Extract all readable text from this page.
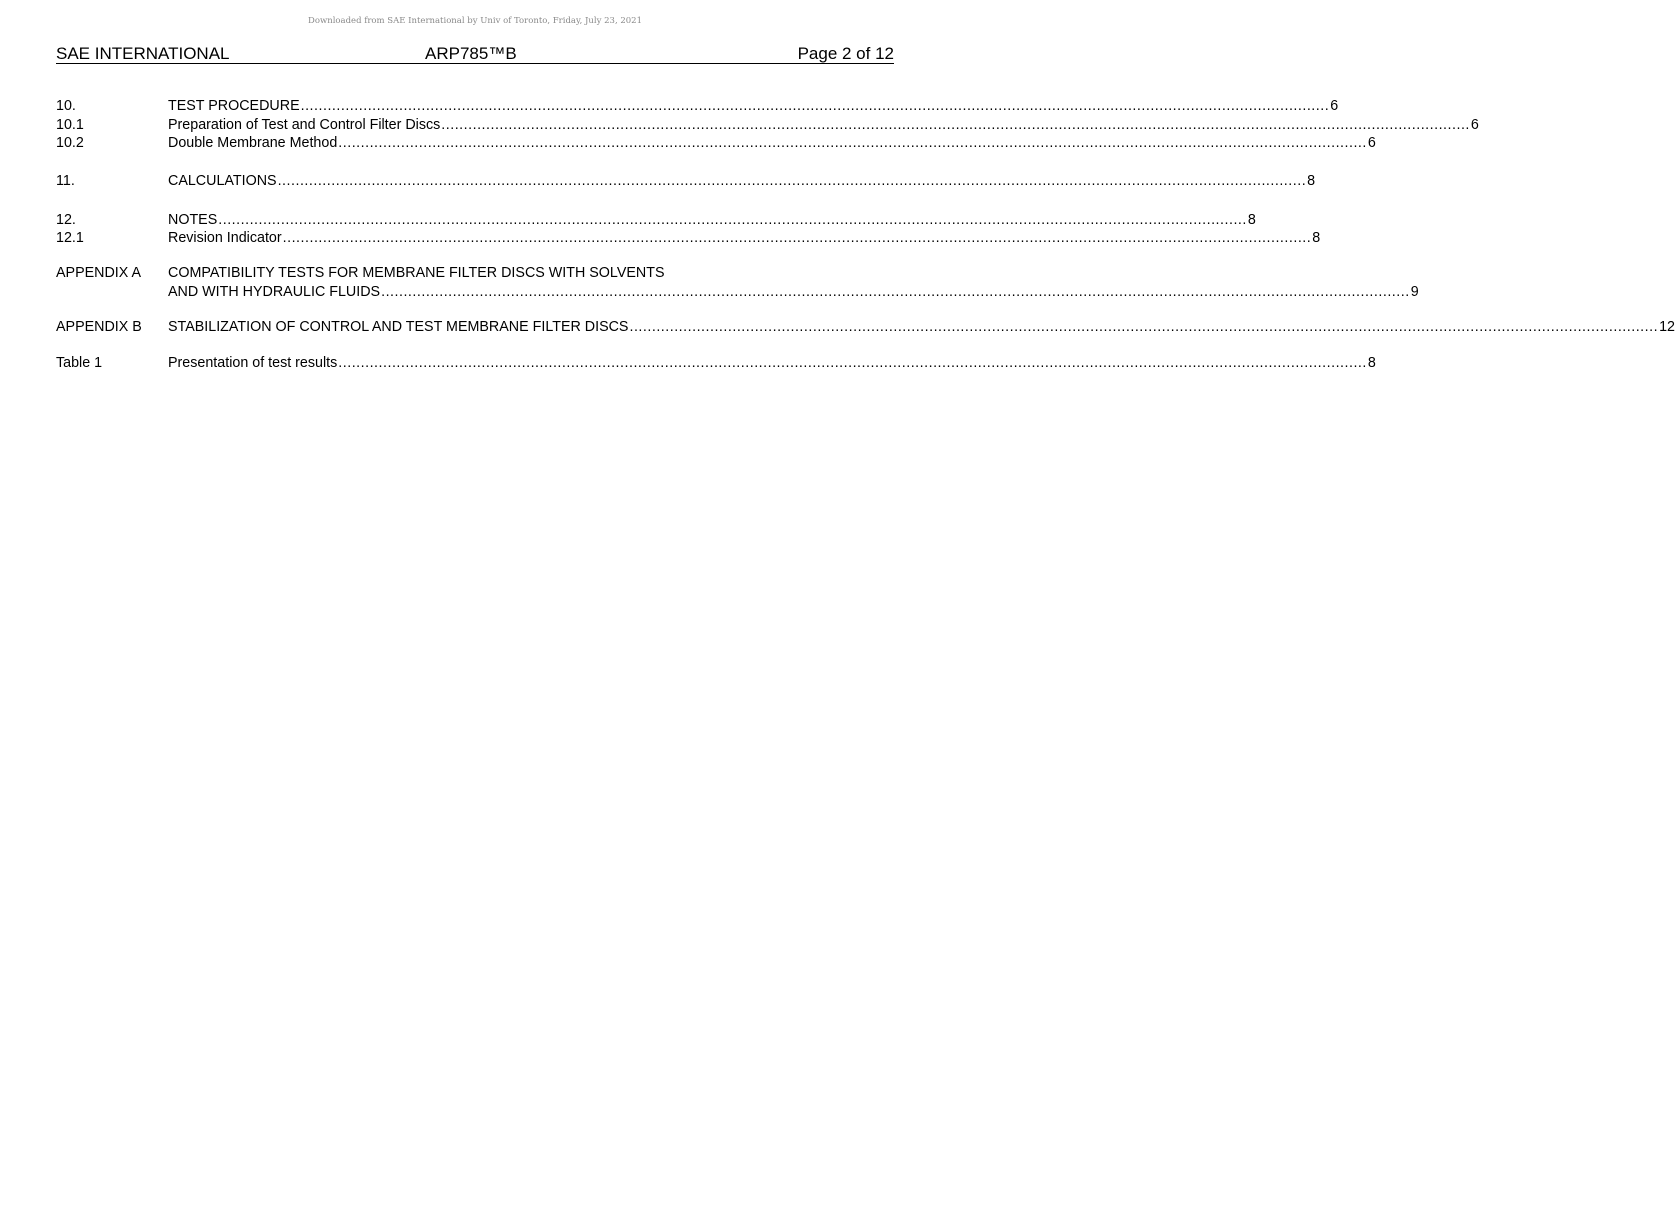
Downloaded from SAE International by Univ of Toronto, Friday, July 23, 2021
SAE INTERNATIONAL	ARP785™B	Page 2 of 12
10.	TEST PROCEDURE ...................................................................................................................................................................................................................................... 6
10.1	Preparation of Test and Control Filter Discs ...................................................................................................................................................................................................................................... 6
10.2	Double Membrane Method ...................................................................................................................................................................................................................................... 6
11.	CALCULATIONS ...................................................................................................................................................................................................................................... 8
12.	NOTES ...................................................................................................................................................................................................................................... 8
12.1	Revision Indicator ...................................................................................................................................................................................................................................... 8
APPENDIX A COMPATIBILITY TESTS FOR MEMBRANE FILTER DISCS WITH SOLVENTS
AND WITH HYDRAULIC FLUIDS ...................................................................................................................................................................................................................................... 9
APPENDIX B STABILIZATION OF CONTROL AND TEST MEMBRANE FILTER DISCS ...................................................................................................................................................................................................................................... 12
Table 1	Presentation of test results ...................................................................................................................................................................................................................................... 8
